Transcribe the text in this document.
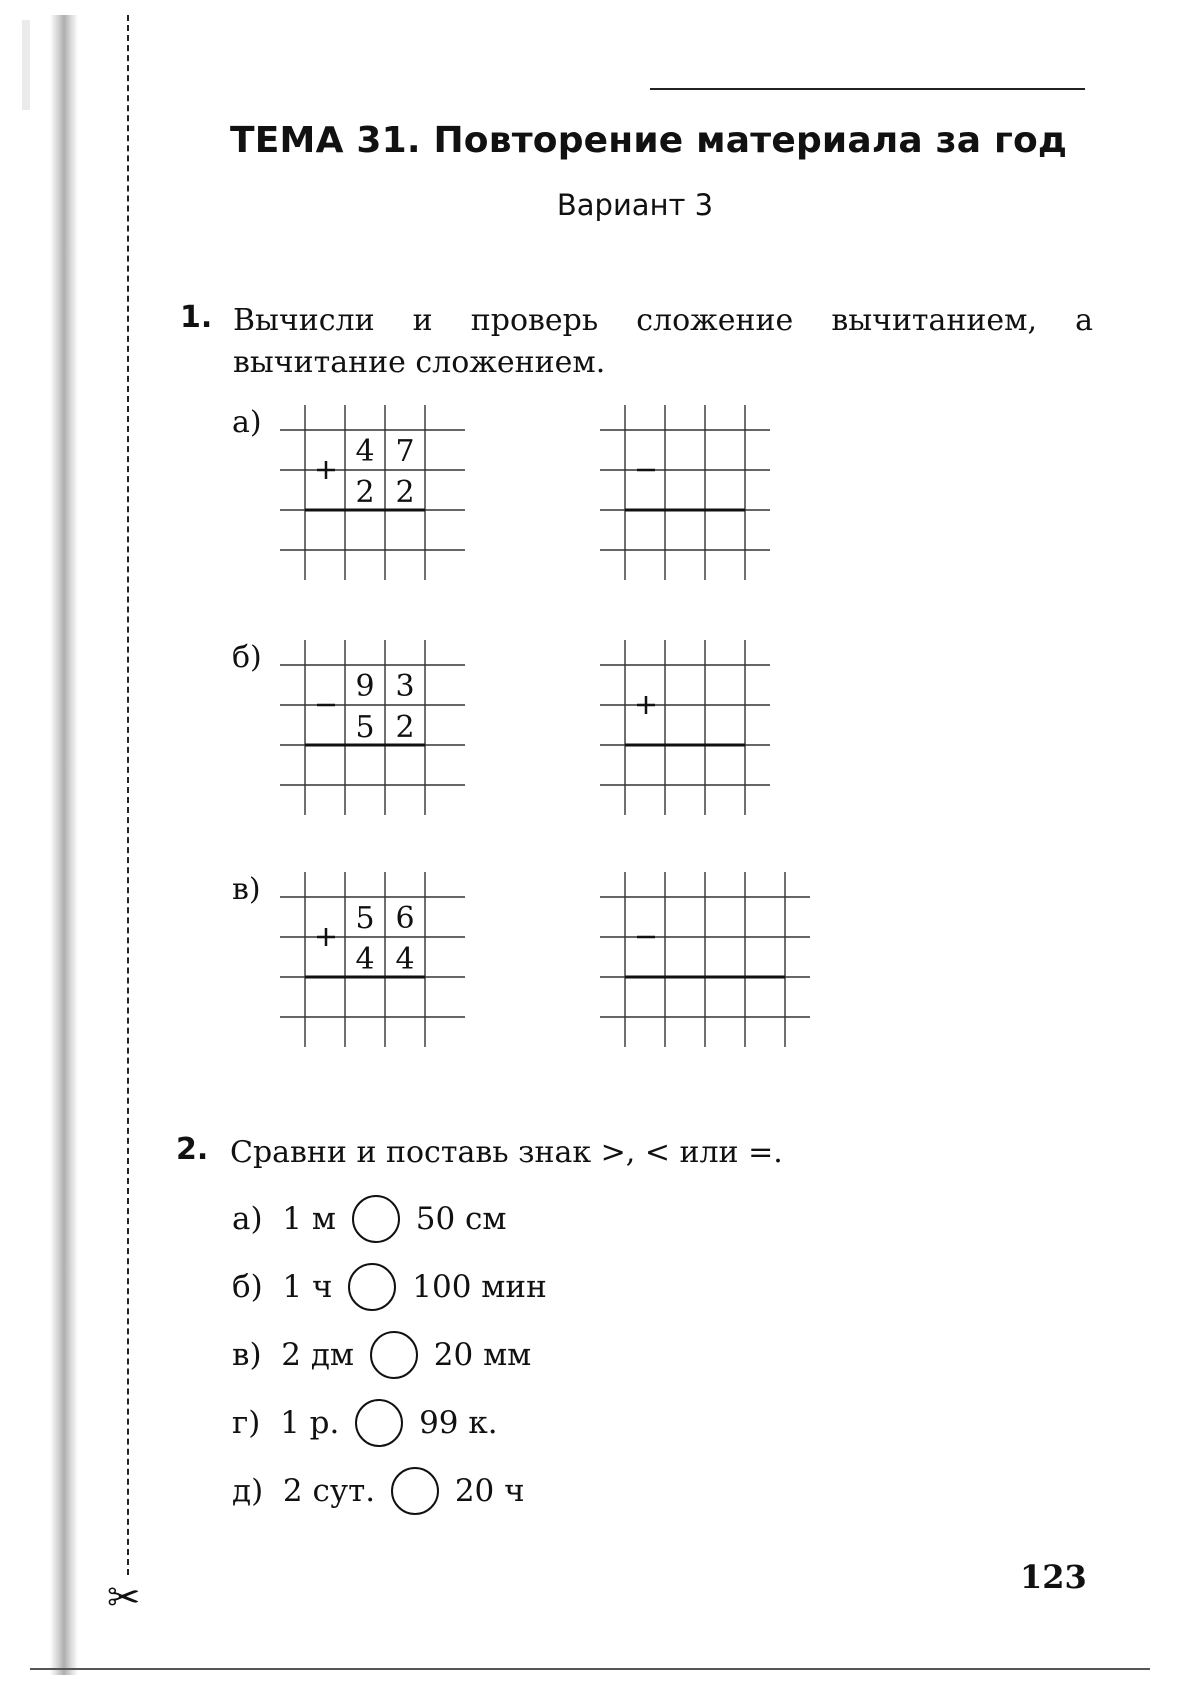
✂
ТЕМА 31. Повторение материала за год
Вариант 3
1. Вычисли и проверь сложение вычитанием, а вычитание сложением.
а)
б)
в)
4 7
2 2
9 3
5 2
5 6
4 4
2. Сравни и поставь знак >, < или =.
а) 1 м	50 см
б) 1 ч	100 мин
в) 2 дм	20 мм
г) 1 р.	99 к.
д) 2 сут.	20 ч
123
